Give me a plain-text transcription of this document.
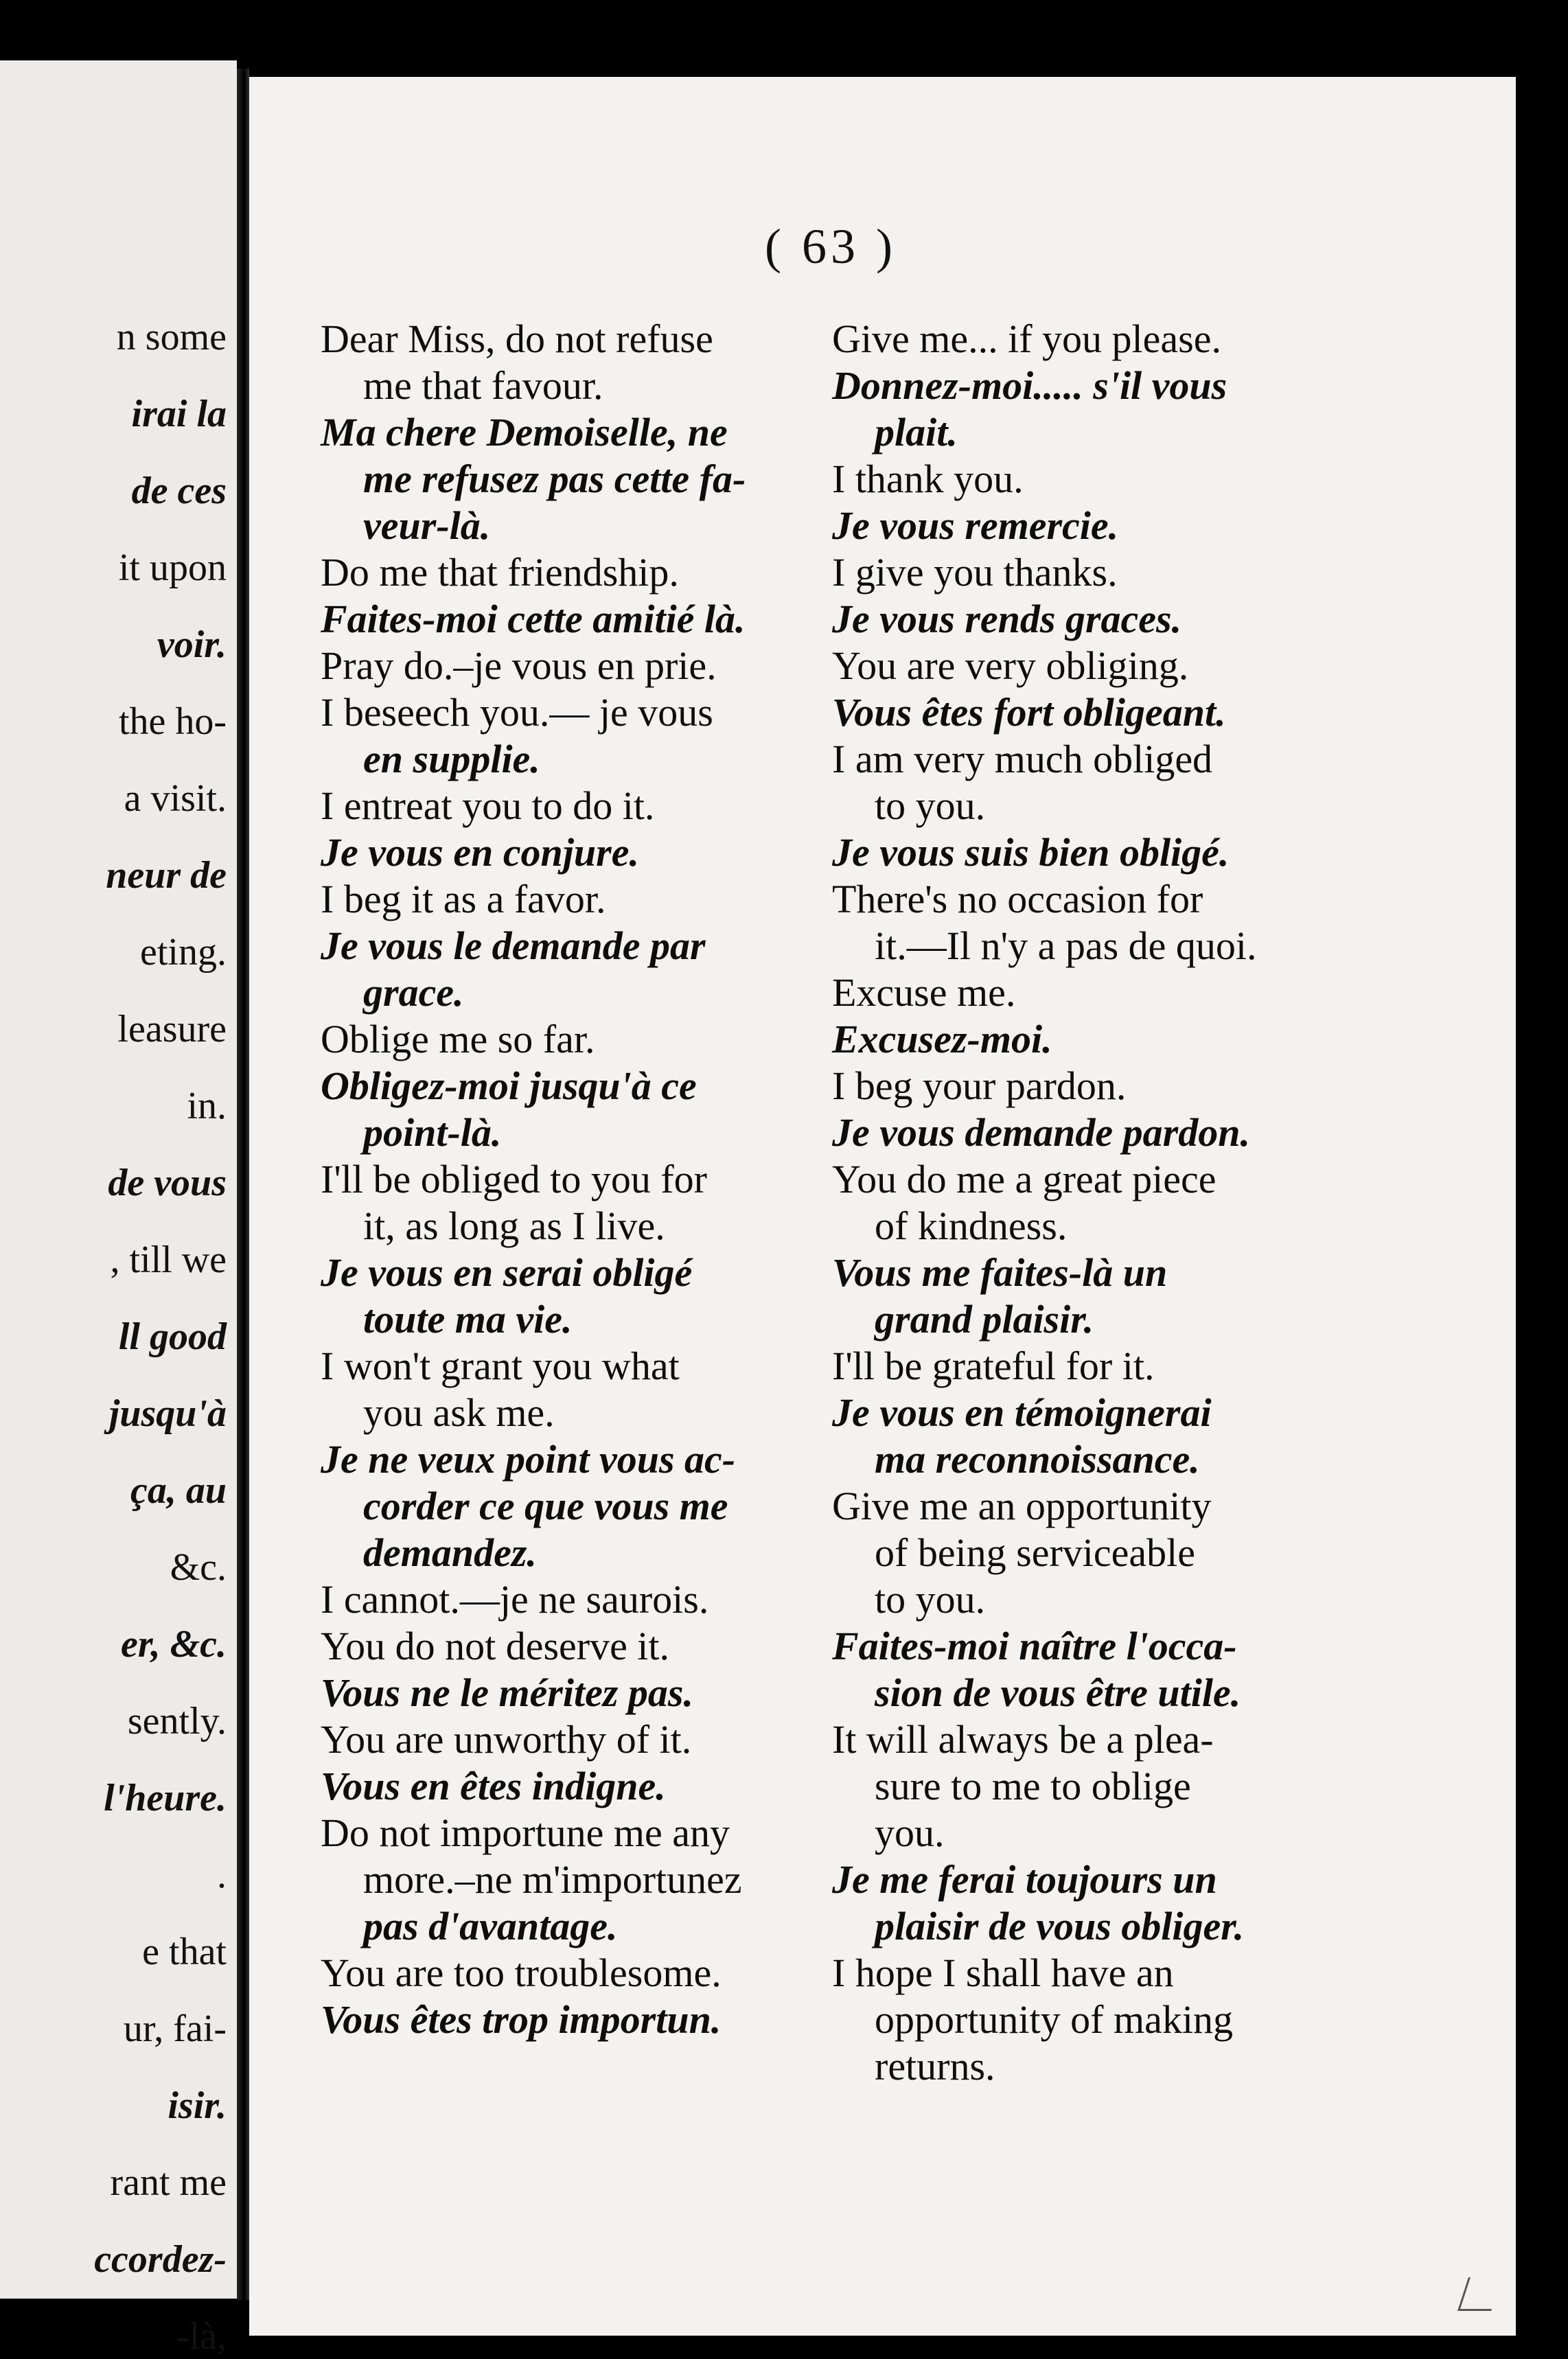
n some
irai la
de ces
it upon
voir.
the ho-
a visit.
neur de
eting.
leasure
in.
de vous
, till we
ll good
jusqu'à
ça, au
&c.
er, &c.
sently.
l'heure.
.
e that
ur, fai-
isir.
rant me
ccordez-
-là,
( 63 )
Dear Miss, do not refuse
me that favour.
Ma chere Demoiselle, ne
me refusez pas cette fa-
veur-là.
Do me that friendship.
Faites-moi cette amitié là.
Pray do.–je vous en prie.
I beseech you.— je vous
en supplie.
I entreat you to do it.
Je vous en conjure.
I beg it as a favor.
Je vous le demande par
grace.
Oblige me so far.
Obligez-moi jusqu'à ce
point-là.
I'll be obliged to you for
it, as long as I live.
Je vous en serai obligé
toute ma vie.
I won't grant you what
you ask me.
Je ne veux point vous ac-
corder ce que vous me
demandez.
I cannot.—je ne saurois.
You do not deserve it.
Vous ne le méritez pas.
You are unworthy of it.
Vous en êtes indigne.
Do not importune me any
more.–ne m'importunez
pas d'avantage.
You are too troublesome.
Vous êtes trop importun.
Give me... if you please.
Donnez-moi..... s'il vous
plait.
I thank you.
Je vous remercie.
I give you thanks.
Je vous rends graces.
You are very obliging.
Vous êtes fort obligeant.
I am very much obliged
to you.
Je vous suis bien obligé.
There's no occasion for
it.—Il n'y a pas de quoi.
Excuse me.
Excusez-moi.
I beg your pardon.
Je vous demande pardon.
You do me a great piece
of kindness.
Vous me faites-là un
grand plaisir.
I'll be grateful for it.
Je vous en témoignerai
ma reconnoissance.
Give me an opportunity
of being serviceable
to you.
Faites-moi naître l'occa-
sion de vous être utile.
It will always be a plea-
sure to me to oblige
you.
Je me ferai toujours un
plaisir de vous obliger.
I hope I shall have an
opportunity of making
returns.
